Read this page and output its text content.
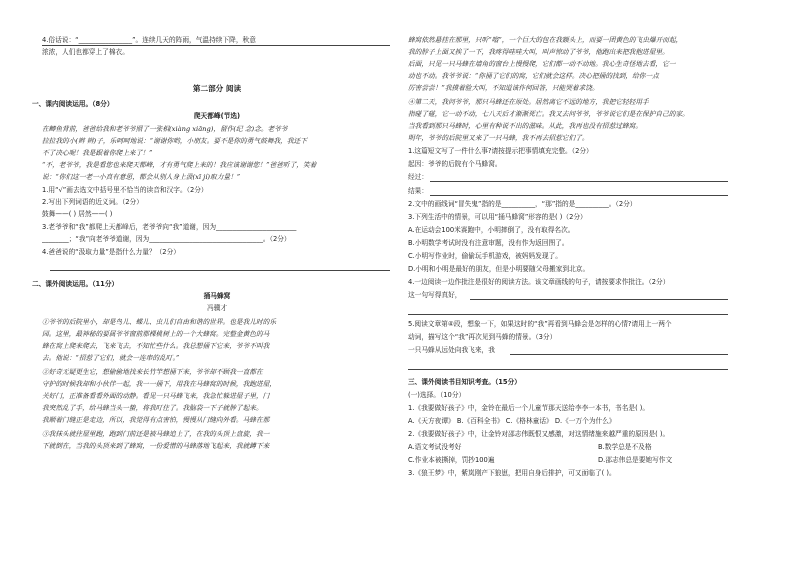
4.俗话说：“________________”。连续几天的阵雨，气温持续下降，秋意
浓浓，人们也都穿上了棉衣。
第二部分 阅读
一、课内阅读运用。（8分）
爬天都峰(节选)
在鲫鱼背前，爸爸给我和老爷爷照了一张相(xiàng xiāng)，留作(纪 念)念。老爷爷
拉拉我的小(辫 辨)子，乐呵呵地说：“谢谢你哟，小朋友。要不是你的勇气鼓舞我，我还下
不了决心呢！我是跟着你爬上来了！”
“不，老爷爷，我是看您也来爬天都峰，才有勇气爬上来的！我应该谢谢您！”爸爸听了，笑着
说：“你们这一老一小真有意思，都会从别人身上汲(xī jí)取力量！”
1.用“√”画去选文中括号里不恰当的读音和汉字。（2分）
2.写出下列词语的近义词。（2分）
鼓舞——( ) 居然——( )
3.老爷爷和“我”都爬上天都峰后，老爷爷向“我”道谢，因为________________________
________；“我”向老爷爷道谢，因为__________________________________。（2分）
4.爸爸说的“汲取力量”是指什么力量？（2分）
二、课外阅读运用。（11分）
捅马蜂窝
冯骥才
①爷爷的后院里小，却是鸟儿、蝶儿、虫儿们自由和谐的世界。也是我儿时的乐
园。这里，最神秘的要属爷爷窗前那棵桃树上的一个大蜂窝。完整金黄色的马
蜂在窝上爬来爬去，飞来飞去，不知忙些什么。我总想捅下它来，爷爷不叫我
去。他说：“招惹了它们，就会一连串的乱叮。”
②好奇无疑更生它，想偷偷地找来长竹竿想捅下来，爷爷却不顾我一直都在
守护的时候我却和小伙伴一起，我一一捅下，用我在马蜂窝的时候，我跑进屋，
关好门，正准备看看外面的动静。看见一只马蜂飞来，我急忙躲进屋子里，门
我突然乱了手，给马蜂当头一蛰，将我叮住了。我脑袋一下子就肿了起来。
我顺着门缝正是走边，所以，我觉得有点害怕，慢慢从门缝向外看。马蜂在那
③我抹头就往屋里跑，跑到门前还是被马蜂追上了，在我的头顶上盘旋，我一
下就倒在，当我的头顶来到了蜂窝，一份爱惜的马蜂落地飞起来，我就蹲下来
蜂窝依然悬挂在那里，只听“嗡”，一个巨大的包在我额头上，而要一团黄色的飞虫爆开而起，
我的脖子上面又挨了一下，我疼得哇哇大叫，叫声惊动了爷爷，他跑出来把我抱进屋里。
后面，只见一只马蜂在墙角的窗台上慢慢爬，它们都一动不动地。我心生奇怪地去看，它一
动也不动。我爷爷说：“你捅了它们的窝，它们就会这样。决心把捅的找到，给你一点
厉害尝尝！”我摸着脸大叫，不知道该作何回答，只能哭着求饶。
④第二天，我问爷爷，那只马蜂还在原处。居然离它不远的地方，我把它轻轻用手
指碰了碰，它一动不动，七八天后才渐渐死亡。我又去问爷爷，爷爷说它们是在保护自己的家。
当我看到那只马蜂时，心里有种说不出的滋味。从此，我再也没有招惹过蜂窝。
明年，爷爷的后院里又来了一只马蜂，我不再去招惹它们了。
1.这篇短文写了一件什么事?请按提示把事情填充完整。（2分）
起因：爷爷的后院有个马蜂窝。
经过：
结果：
2.文中的画线词“冒失鬼”指的是__________，“那”指的是__________。（2分）
3.下列生活中的情景，可以用“捅马蜂窝”形容的是( )（2分）
A.在运动会100米赛跑中，小明摔倒了，没有取得名次。
B.小明数学考试时没有注意审题，没有作为返回图了。
C.小明写作业时，偷偷玩手机游戏，被妈妈发现了。
D.小明和小明是最好的朋友，但是小明要随父母搬家到北京。
4.一边阅读一边作批注是很好的阅读方法。该文章画线的句子，请按要求作批注。（2分）
这一句写得真好，
5.阅读文章第④段，想象一下，如果这时的“我”再看到马蜂会是怎样的心情?请用上一两个
动词，描写这个“我”再次见到马蜂的情景。（3分）
一只马蜂从远处向我飞来，我
三、课外阅读书目知识考查。（15分）
(一)选择。（10分）
1.《我要做好孩子》中，金铃在最后一个儿童节那天送给李李一本书，书名是( )。
A.《天方夜谭》 B.《百科全书》 C.《格林童话》 D.《一万个为什么》
2.《我要做好孩子》中，让金铃对邵志伟既恨又感激，对这情绪施来越严重的原因是( )。
A.语文考试没考好	B.数学总是不及格
C.作业本被撕掉，罚抄100遍	D.邵志伟总是要她写作文
3.《狼王梦》中，紫岚刚产下狼崽，把用自身后排护，可又面临了( )。
